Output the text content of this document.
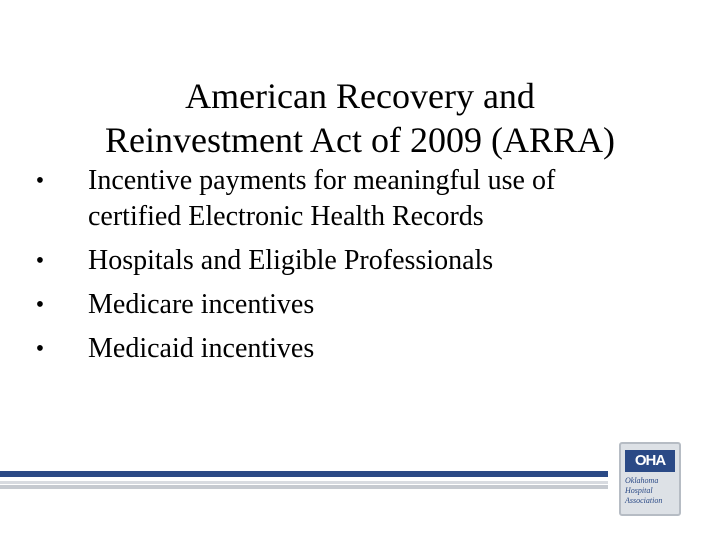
American Recovery and
Reinvestment Act of 2009 (ARRA)
• Incentive payments for meaningful use of
certified Electronic Health Records
• Hospitals and Eligible Professionals
• Medicare incentives
• Medicaid incentives
OHA
Oklahoma
Hospital
Association
